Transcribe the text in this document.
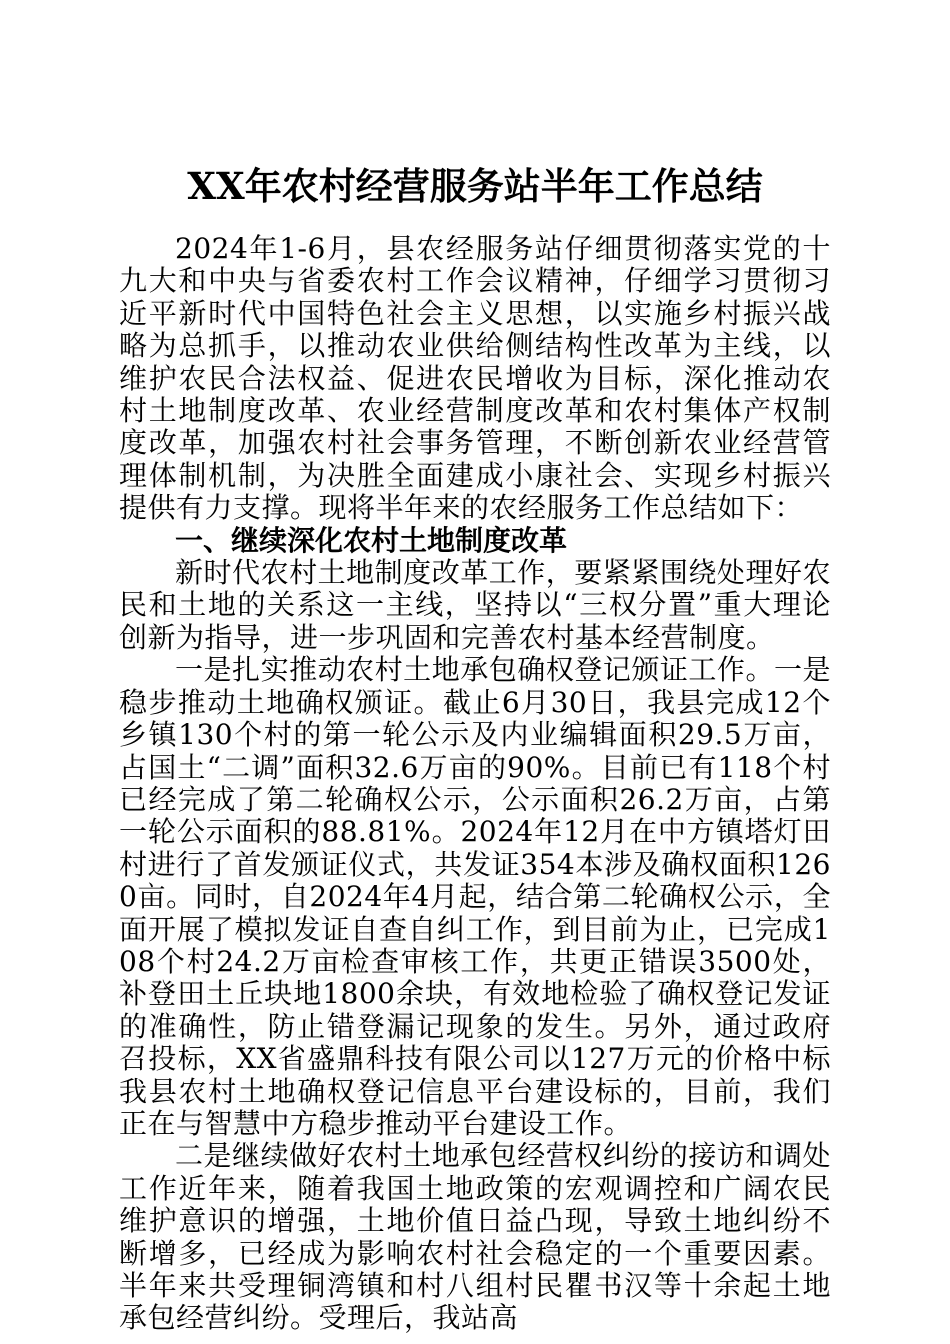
XX年农村经营服务站半年工作总结

2024年1-6月，县农经服务站仔细贯彻落实党的十九大和中央与省委农村工作会议精神，仔细学习贯彻习近平新时代中国特色社会主义思想，以实施乡村振兴战略为总抓手，以推动农业供给侧结构性改革为主线，以维护农民合法权益、促进农民增收为目标，深化推动农村土地制度改革、农业经营制度改革和农村集体产权制度改革，加强农村社会事务管理，不断创新农业经营管理体制机制，为决胜全面建成小康社会、实现乡村振兴提供有力支撑。现将半年来的农经服务工作总结如下：

一、继续深化农村土地制度改革

新时代农村土地制度改革工作，要紧紧围绕处理好农民和土地的关系这一主线，坚持以“三权分置”重大理论创新为指导，进一步巩固和完善农村基本经营制度。

一是扎实推动农村土地承包确权登记颁证工作。一是稳步推动土地确权颁证。截止6月30日，我县完成12个乡镇130个村的第一轮公示及内业编辑面积29.5万亩，占国土“二调”面积32.6万亩的90%。目前已有118个村已经完成了第二轮确权公示，公示面积26.2万亩，占第一轮公示面积的88.81%。2024年12月在中方镇塔灯田村进行了首发颁证仪式，共发证354本涉及确权面积1260亩。同时，自2024年4月起，结合第二轮确权公示，全面开展了模拟发证自查自纠工作，到目前为止，已完成108个村24.2万亩检查审核工作，共更正错误3500处，补登田土丘块地1800余块，有效地检验了确权登记发证的准确性，防止错登漏记现象的发生。另外，通过政府召投标，XX省盛鼎科技有限公司以127万元的价格中标我县农村土地确权登记信息平台建设标的，目前，我们正在与智慧中方稳步推动平台建设工作。

二是继续做好农村土地承包经营权纠纷的接访和调处工作近年来，随着我国土地政策的宏观调控和广阔农民维护意识的增强，土地价值日益凸现，导致土地纠纷不断增多，已经成为影响农村社会稳定的一个重要因素。半年来共受理铜湾镇和村八组村民瞿书汉等十余起土地承包经营纠纷。受理后，我站高
